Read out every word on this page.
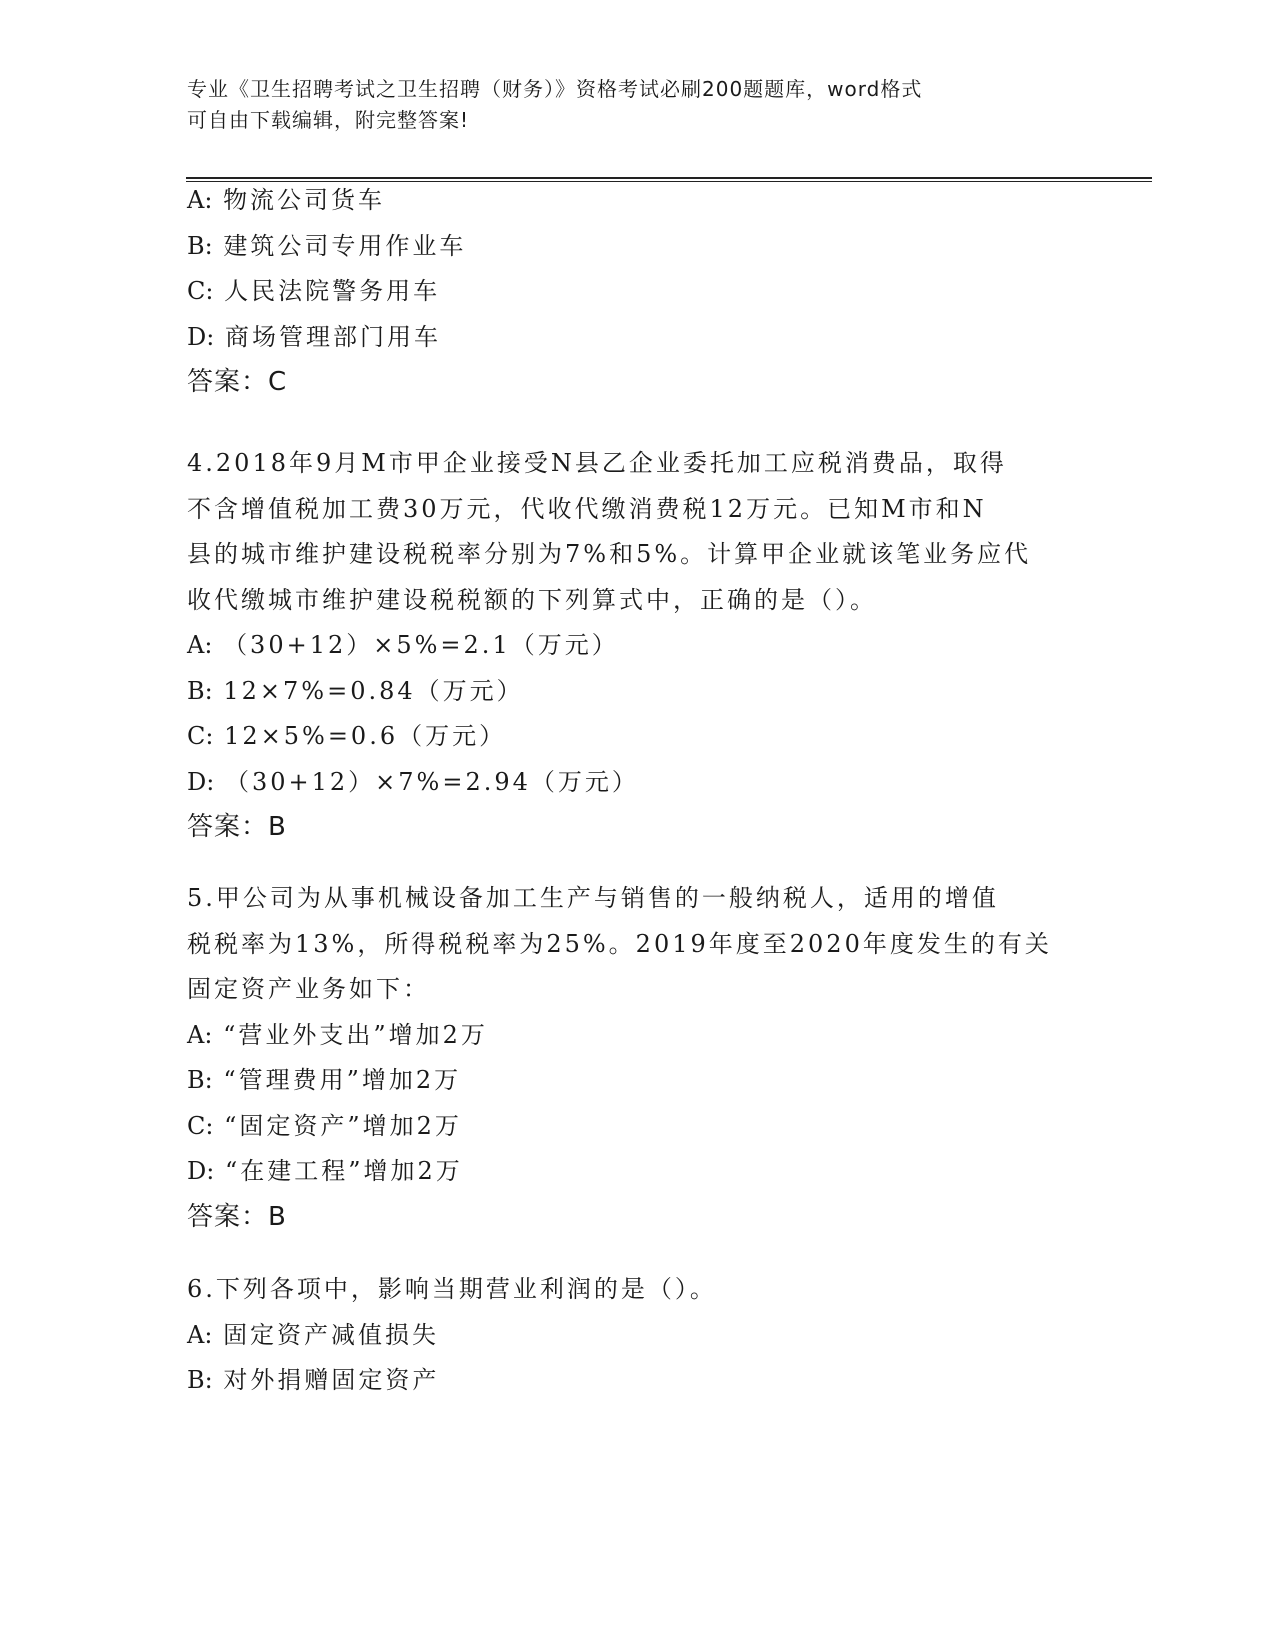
专业《卫生招聘考试之卫生招聘（财务）》资格考试必刷200题题库，word格式
可自由下载编辑，附完整答案!
A: 物流公司货车
B: 建筑公司专用作业车
C: 人民法院警务用车
D: 商场管理部门用车
答案：C
4.2018年9月M市甲企业接受N县乙企业委托加工应税消费品，取得
不含增值税加工费30万元，代收代缴消费税12万元。已知M市和N
县的城市维护建设税税率分别为7%和5%。计算甲企业就该笔业务应代
收代缴城市维护建设税税额的下列算式中，正确的是（）。
A: （30+12）×5%=2.1（万元）
B: 12×7%=0.84（万元）
C: 12×5%=0.6（万元）
D: （30+12）×7%=2.94（万元）
答案：B
5.甲公司为从事机械设备加工生产与销售的一般纳税人，适用的增值
税税率为13%，所得税税率为25%。2019年度至2020年度发生的有关
固定资产业务如下：
A: “营业外支出”增加2万
B: “管理费用”增加2万
C: “固定资产”增加2万
D: “在建工程”增加2万
答案：B
6.下列各项中，影响当期营业利润的是（）。
A: 固定资产减值损失
B: 对外捐赠固定资产
